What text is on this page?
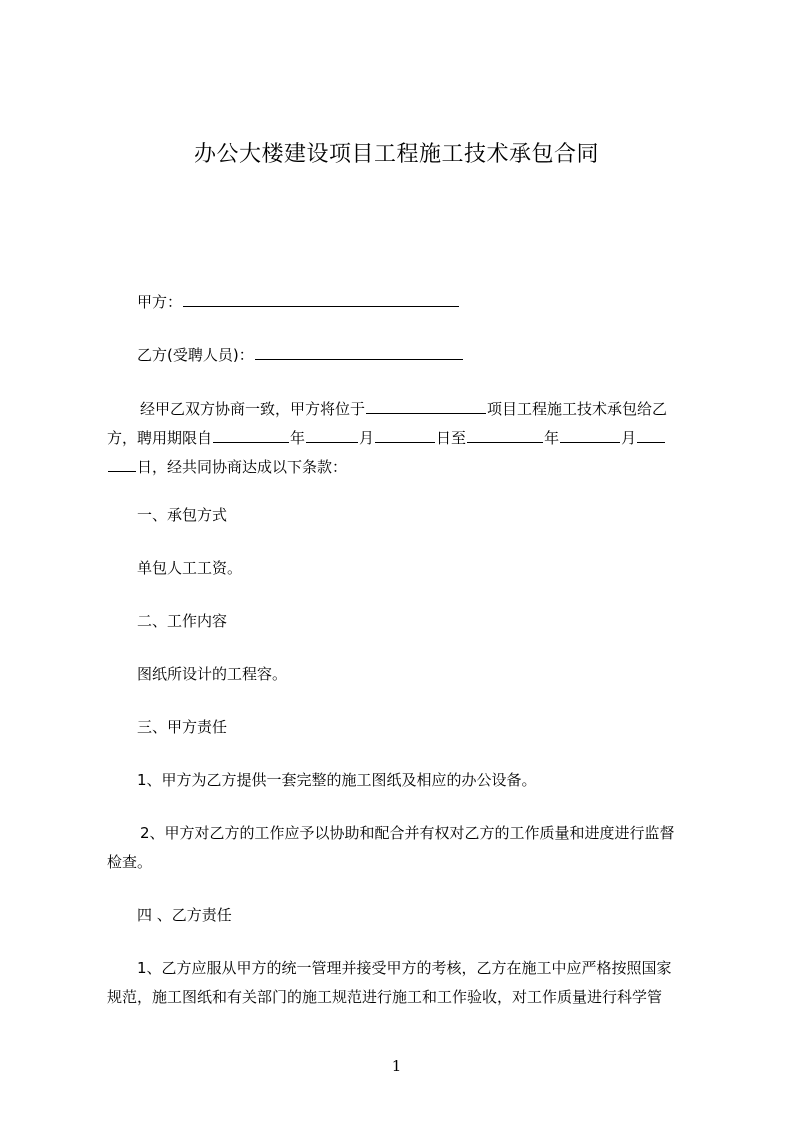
办公大楼建设项目工程施工技术承包合同

甲方：

乙方(受聘人员)：

经甲乙双方协商一致，甲方将位于	项目工程施工技术承包给乙

方，聘用期限自	年	月	日至	年	月

日，经共同协商达成以下条款：

一、承包方式

单包人工工资。

二、工作内容

图纸所设计的工程容。

三、甲方责任

1、甲方为乙方提供一套完整的施工图纸及相应的办公设备。

2、甲方对乙方的工作应予以协助和配合并有权对乙方的工作质量和进度进行监督

检查。

四 、乙方责任

1、乙方应服从甲方的统一管理并接受甲方的考核，乙方在施工中应严格按照国家

规范，施工图纸和有关部门的施工规范进行施工和工作验收，对工作质量进行科学管

1
